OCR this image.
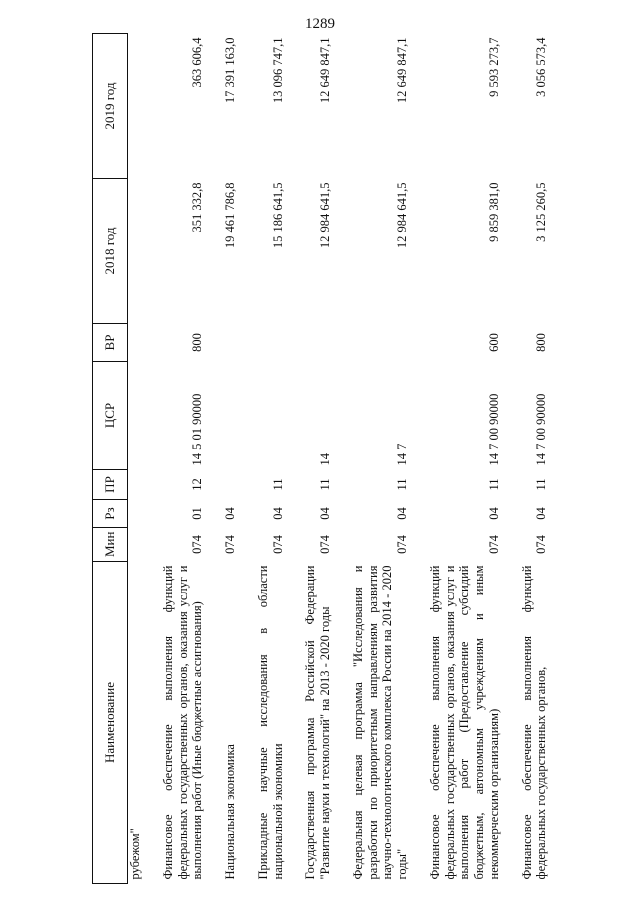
1289
Наименование	Мин	Рз	ПР	ЦСР	ВР	2018 год	2019 год
рубежом"							

Финансовое обеспечение выполнения функций федеральных государственных органов, оказания услуг и выполнения работ (Иные бюджетные ассигнования)	074	01	12	14 5 01 90000	800	351 332,8	363 606,4

Национальная экономика	074	04				19 461 786,8	17 391 163,0

Прикладные научные исследования в области национальной экономики	074	04	11			15 186 641,5	13 096 747,1

Государственная программа Российской Федерации "Развитие науки и технологий" на 2013 - 2020 годы	074	04	11	14		12 984 641,5	12 649 847,1

Федеральная целевая программа "Исследования и разработки по приоритетным направлениям развития научно-технологического комплекса России на 2014 - 2020 годы"	074	04	11	14 7		12 984 641,5	12 649 847,1

Финансовое обеспечение выполнения функций федеральных государственных органов, оказания услуг и выполнения работ (Предоставление субсидий бюджетным, автономным учреждениям и иным некоммерческим организациям)	074	04	11	14 7 00 90000	600	9 859 381,0	9 593 273,7

Финансовое обеспечение выполнения функций федеральных государственных органов,	074	04	11	14 7 00 90000	800	3 125 260,5	3 056 573,4
